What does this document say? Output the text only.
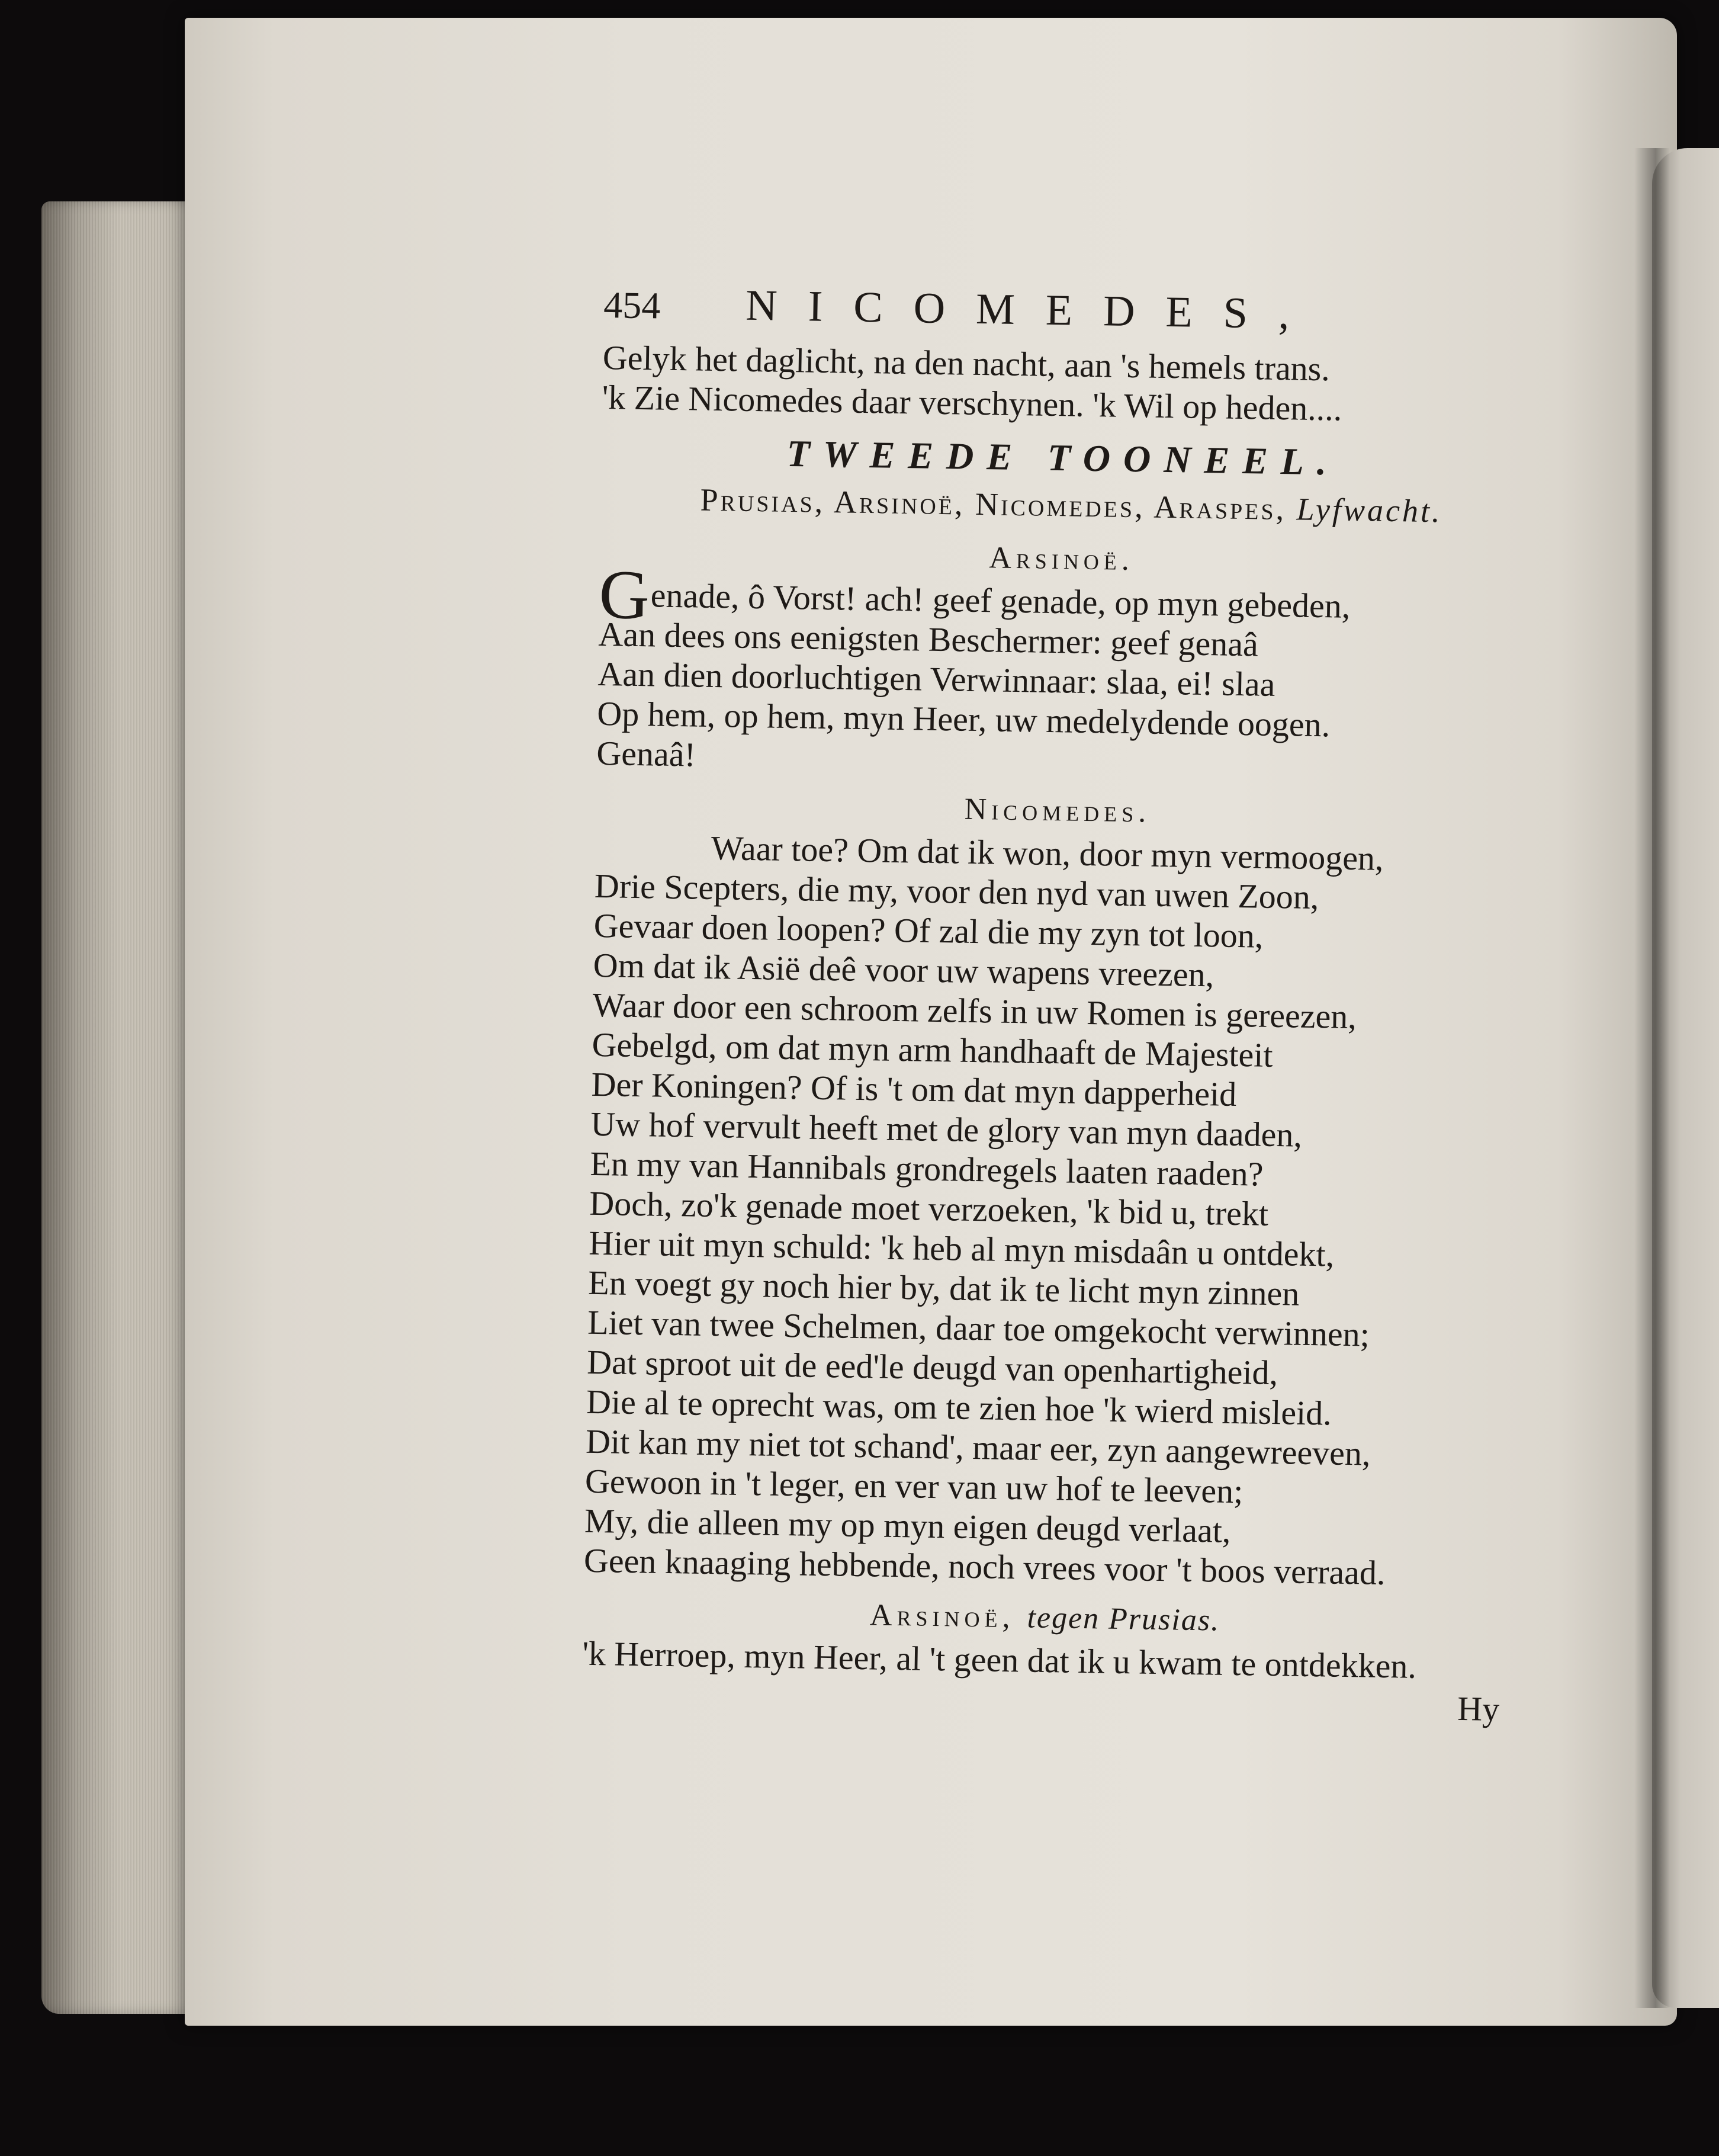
454	NICOMEDES,
Gelyk het daglicht, na den nacht, aan 's hemels trans.
'k Zie Nicomedes daar verschynen. 'k Wil op heden....
TWEEDE TOONEEL.
Prusias, Arsinoë, Nicomedes, Araspes, Lyfwacht.
Arsinoë.
G enade, ô Vorst! ach! geef genade, op myn gebeden,
Aan dees ons eenigsten Beschermer: geef genaâ
Aan dien doorluchtigen Verwinnaar: slaa, ei! slaa
Op hem, op hem, myn Heer, uw medelydende oogen.
Genaâ!
Nicomedes.
Waar toe? Om dat ik won, door myn vermoogen,
Drie Scepters, die my, voor den nyd van uwen Zoon,
Gevaar doen loopen? Of zal die my zyn tot loon,
Om dat ik Asië deê voor uw wapens vreezen,
Waar door een schroom zelfs in uw Romen is gereezen,
Gebelgd, om dat myn arm handhaaft de Majesteit
Der Koningen? Of is 't om dat myn dapperheid
Uw hof vervult heeft met de glory van myn daaden,
En my van Hannibals grondregels laaten raaden?
Doch, zo'k genade moet verzoeken, 'k bid u, trekt
Hier uit myn schuld: 'k heb al myn misdaân u ontdekt,
En voegt gy noch hier by, dat ik te licht myn zinnen
Liet van twee Schelmen, daar toe omgekocht verwinnen;
Dat sproot uit de eed'le deugd van openhartigheid,
Die al te oprecht was, om te zien hoe 'k wierd misleid.
Dit kan my niet tot schand', maar eer, zyn aangewreeven,
Gewoon in 't leger, en ver van uw hof te leeven;
My, die alleen my op myn eigen deugd verlaat,
Geen knaaging hebbende, noch vrees voor 't boos verraad.
Arsinoë, tegen Prusias.
'k Herroep, myn Heer, al 't geen dat ik u kwam te ontdekken.
Hy
